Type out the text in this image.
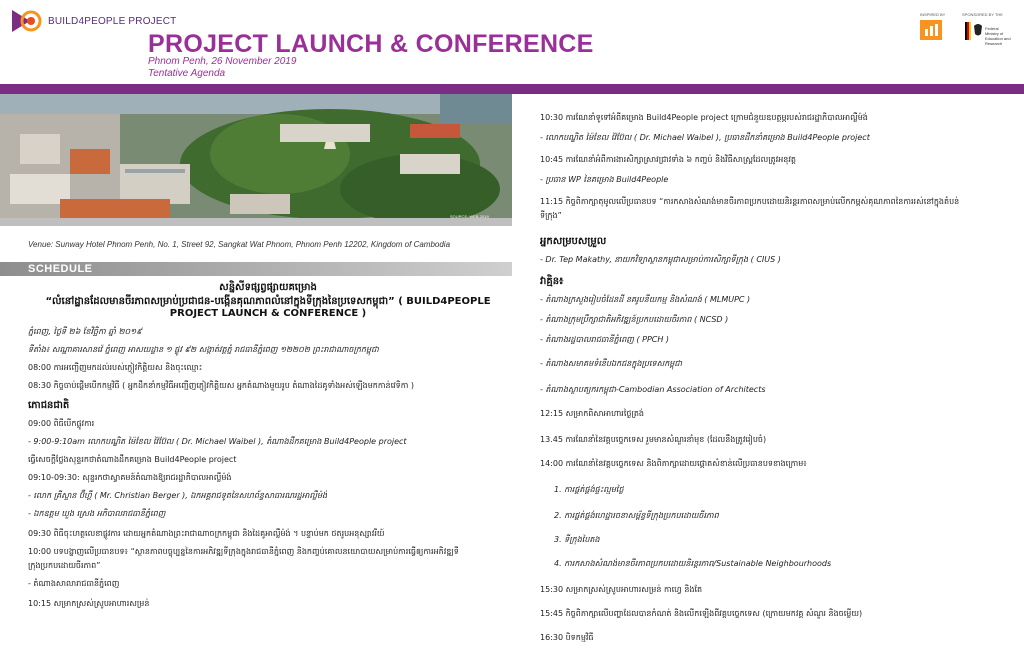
BUILD4PEOPLE PROJECT
PROJECT LAUNCH & CONFERENCE
Phnom Penh, 26 November 2019
Tentative Agenda
INSPIRED BY	SPONSORED BY THE
Federal Ministry of Education and Research
SOURCE: WEB-2019
Venue: Sunway Hotel Phnom Penh, No. 1, Street 92, Sangkat Wat Phnom, Phnom Penh 12202, Kingdom of Cambodia
SCHEDULE
សន្និសីទផ្សព្វផ្សាយគម្រោង
“លំនៅដ្ឋានដែលមានចីរភាពសម្រាប់ប្រជាជន-បង្កើនគុណភាពលំនៅក្នុងទីក្រុងនៃប្រទេសកម្ពុជា” ( BUILD4PEOPLE
PROJECT LAUNCH & CONFERENCE )
ភ្នំពេញ, ថ្ងៃទី ២៦ ខែវិច្ឆិកា ឆ្នាំ ២០១៩
ទីតាំង៖ សណ្ឋាគារសានវ៉េ ភ្នំពេញ អាសយដ្ឋាន ១ ផ្លូវ ៩២ សង្កាត់វត្តភ្នំ រាជធានីភ្នំពេញ ១២២០២ ព្រះរាជាណាចក្រកម្ពុជា
08:00 ការអញ្ជើញមកដល់របស់ភ្ញៀវកិត្តិយស និងចុះឈ្មោះ
08:30 កិច្ចចាប់ផ្ដើមបើកកម្មវិធី ( អ្នកដឹកនាំកម្មវិធីអញ្ជើញភ្ញៀវកិត្តិយស អ្នកតំណាងមួយរូប តំណាងដៃគូទាំងអស់ឡើងមកកាន់វេទិកា )
ភោជនជាតិ
09:00 ពិធីបើកផ្លូវការ
- 9:00-9:10am លោកបណ្ឌិត ម៉ៃខែល វ៉ៃប៊ែល ( Dr. Michael Waibel ), តំណាងដឹកគម្រោង Build4People project
ធ្វើសេចក្ដីថ្លែងសុន្ទរកថាតំណាងដឹកគម្រោង Build4People project
09:10-09:30: សុន្ទរកថាស្វាគមន៍តំណាងឱ្យរាជរដ្ឋាភិបាលអាល្លឺម៉ង់
- លោក គ្រីស្ទាន ប៊ឺហ្គឺ ( Mr. Christian Berger ), ឯកអគ្គរាជទូតនៃសហព័ន្ធសាធារណរដ្ឋអាល្លឺម៉ង់
- ឯកឧត្ដម ឃួង ស្រេង អភិបាលរាជធានីភ្នំពេញ
09:30 ពិធីចុះហត្ថលេខាផ្លូវការ ដោយអ្នកតំណាងព្រះរាជាណាចក្រកម្ពុជា និងដៃគូអាល្លឺម៉ង់ ។ បន្ទាប់មក ថតរូបអនុស្សាវរីយ៍
10:00 បទបង្ហាញលើប្រធានបទ៖ “ស្ថានភាពបច្ចុប្បន្ននៃការអភិវឌ្ឍទីក្រុងក្នុងរាជធានីភ្នំពេញ និងកញ្ចប់គោលនយោបាយសម្រាប់ការធ្វើឲ្យការអភិវឌ្ឍទី
ក្រុងប្រកបដោយចីរភាព”
- តំណាងសាលារាជធានីភ្នំពេញ
10:15 សម្រាកស្រស់ស្រូបអាហារសម្រន់
10:30 ការណែនាំទូទៅអំពីគម្រោង Build4People project ក្រោមជំនួយឧបត្ថម្ភរបស់រាជរដ្ឋាភិបាលអាល្លឺម៉ង់
- លោកបណ្ឌិត ម៉ៃខែល វ៉ៃប៊ែល ( Dr. Michael Waibel ), ប្រធានដឹកនាំគម្រោង Build4People project
10:45 ការណែនាំអំពីការងារសិក្សាស្រាវជ្រាវទាំង ៦ កញ្ចប់ និងវិធីសាស្ត្រដែលត្រូវអនុវត្ត
- ប្រធាន WP នៃគម្រោង Build4People
11:15 កិច្ចពិភាក្សាតុមូលលើប្រធានបទ “ការកសាងសំណង់មានចីរភាពប្រកបដោយនិរន្តរភាពសម្រាប់លើកកម្ពស់គុណភាពនៃការរស់នៅក្នុងតំបន់
ទីក្រុង”
អ្នកសម្របសម្រួល
- Dr. Tep Makathy, នាយកវិទ្យាស្ថានកម្ពុជាសម្រាប់ការសិក្សាទីក្រុង ( CIUS )
វាគ្មិន៖
- តំណាងក្រសួងរៀបចំដែនដី នគរូបនីយកម្ម និងសំណង់ ( MLMUPC )
- តំណាងក្រុមប្រឹក្សាជាតិអភិវឌ្ឍន៍ប្រកបដោយចីរភាព ( NCSD )
- តំណាងរដ្ឋបាលរាជធានីភ្នំពេញ ( PPCH )
- តំណាងសមាគមទំនើបឯកជនក្នុងប្រទេសកម្ពុជា
- តំណាងស្ថាបត្យករកម្ពុជា-Cambodian Association of Architects
12:15 សម្រាកពិសាអាហារថ្ងៃត្រង់
13.45 ការណែនាំនៃវគ្គបច្ចេកទេស រួមមានសំណួរនាំមុខ (ដែលនឹងត្រូវរៀបចំ)
14:00 ការណែនាំនៃវគ្គបច្ចេកទេស និងពិភាក្សាដោយផ្ដោតសំខាន់លើប្រធានបទខាងក្រោម៖
1. ការផ្គត់ផ្គង់ផ្ទះល្មមថ្លៃ
2. ការផ្គត់ផ្គង់ហេដ្ឋារចនាសម្ព័ន្ធទីក្រុងប្រកបដោយចីរភាព
3. ទីក្រុងបៃតង
4. ការកសាងសំណង់មានចីរភាពប្រកបដោយនិរន្តរភាព/Sustainable Neighbourhoods
15:30 សម្រាកស្រស់ស្រូបអាហារសម្រន់ កាហ្វេ និងតែ
15:45 កិច្ចពិភាក្សាលើបញ្ហាដែលបានកំណត់ និងលើកឡើងពីវគ្គបច្ចេកទេស (ក្រោយមកវគ្គ សំណួរ និងចម្លើយ)
16:30 បិទកម្មវិធី
